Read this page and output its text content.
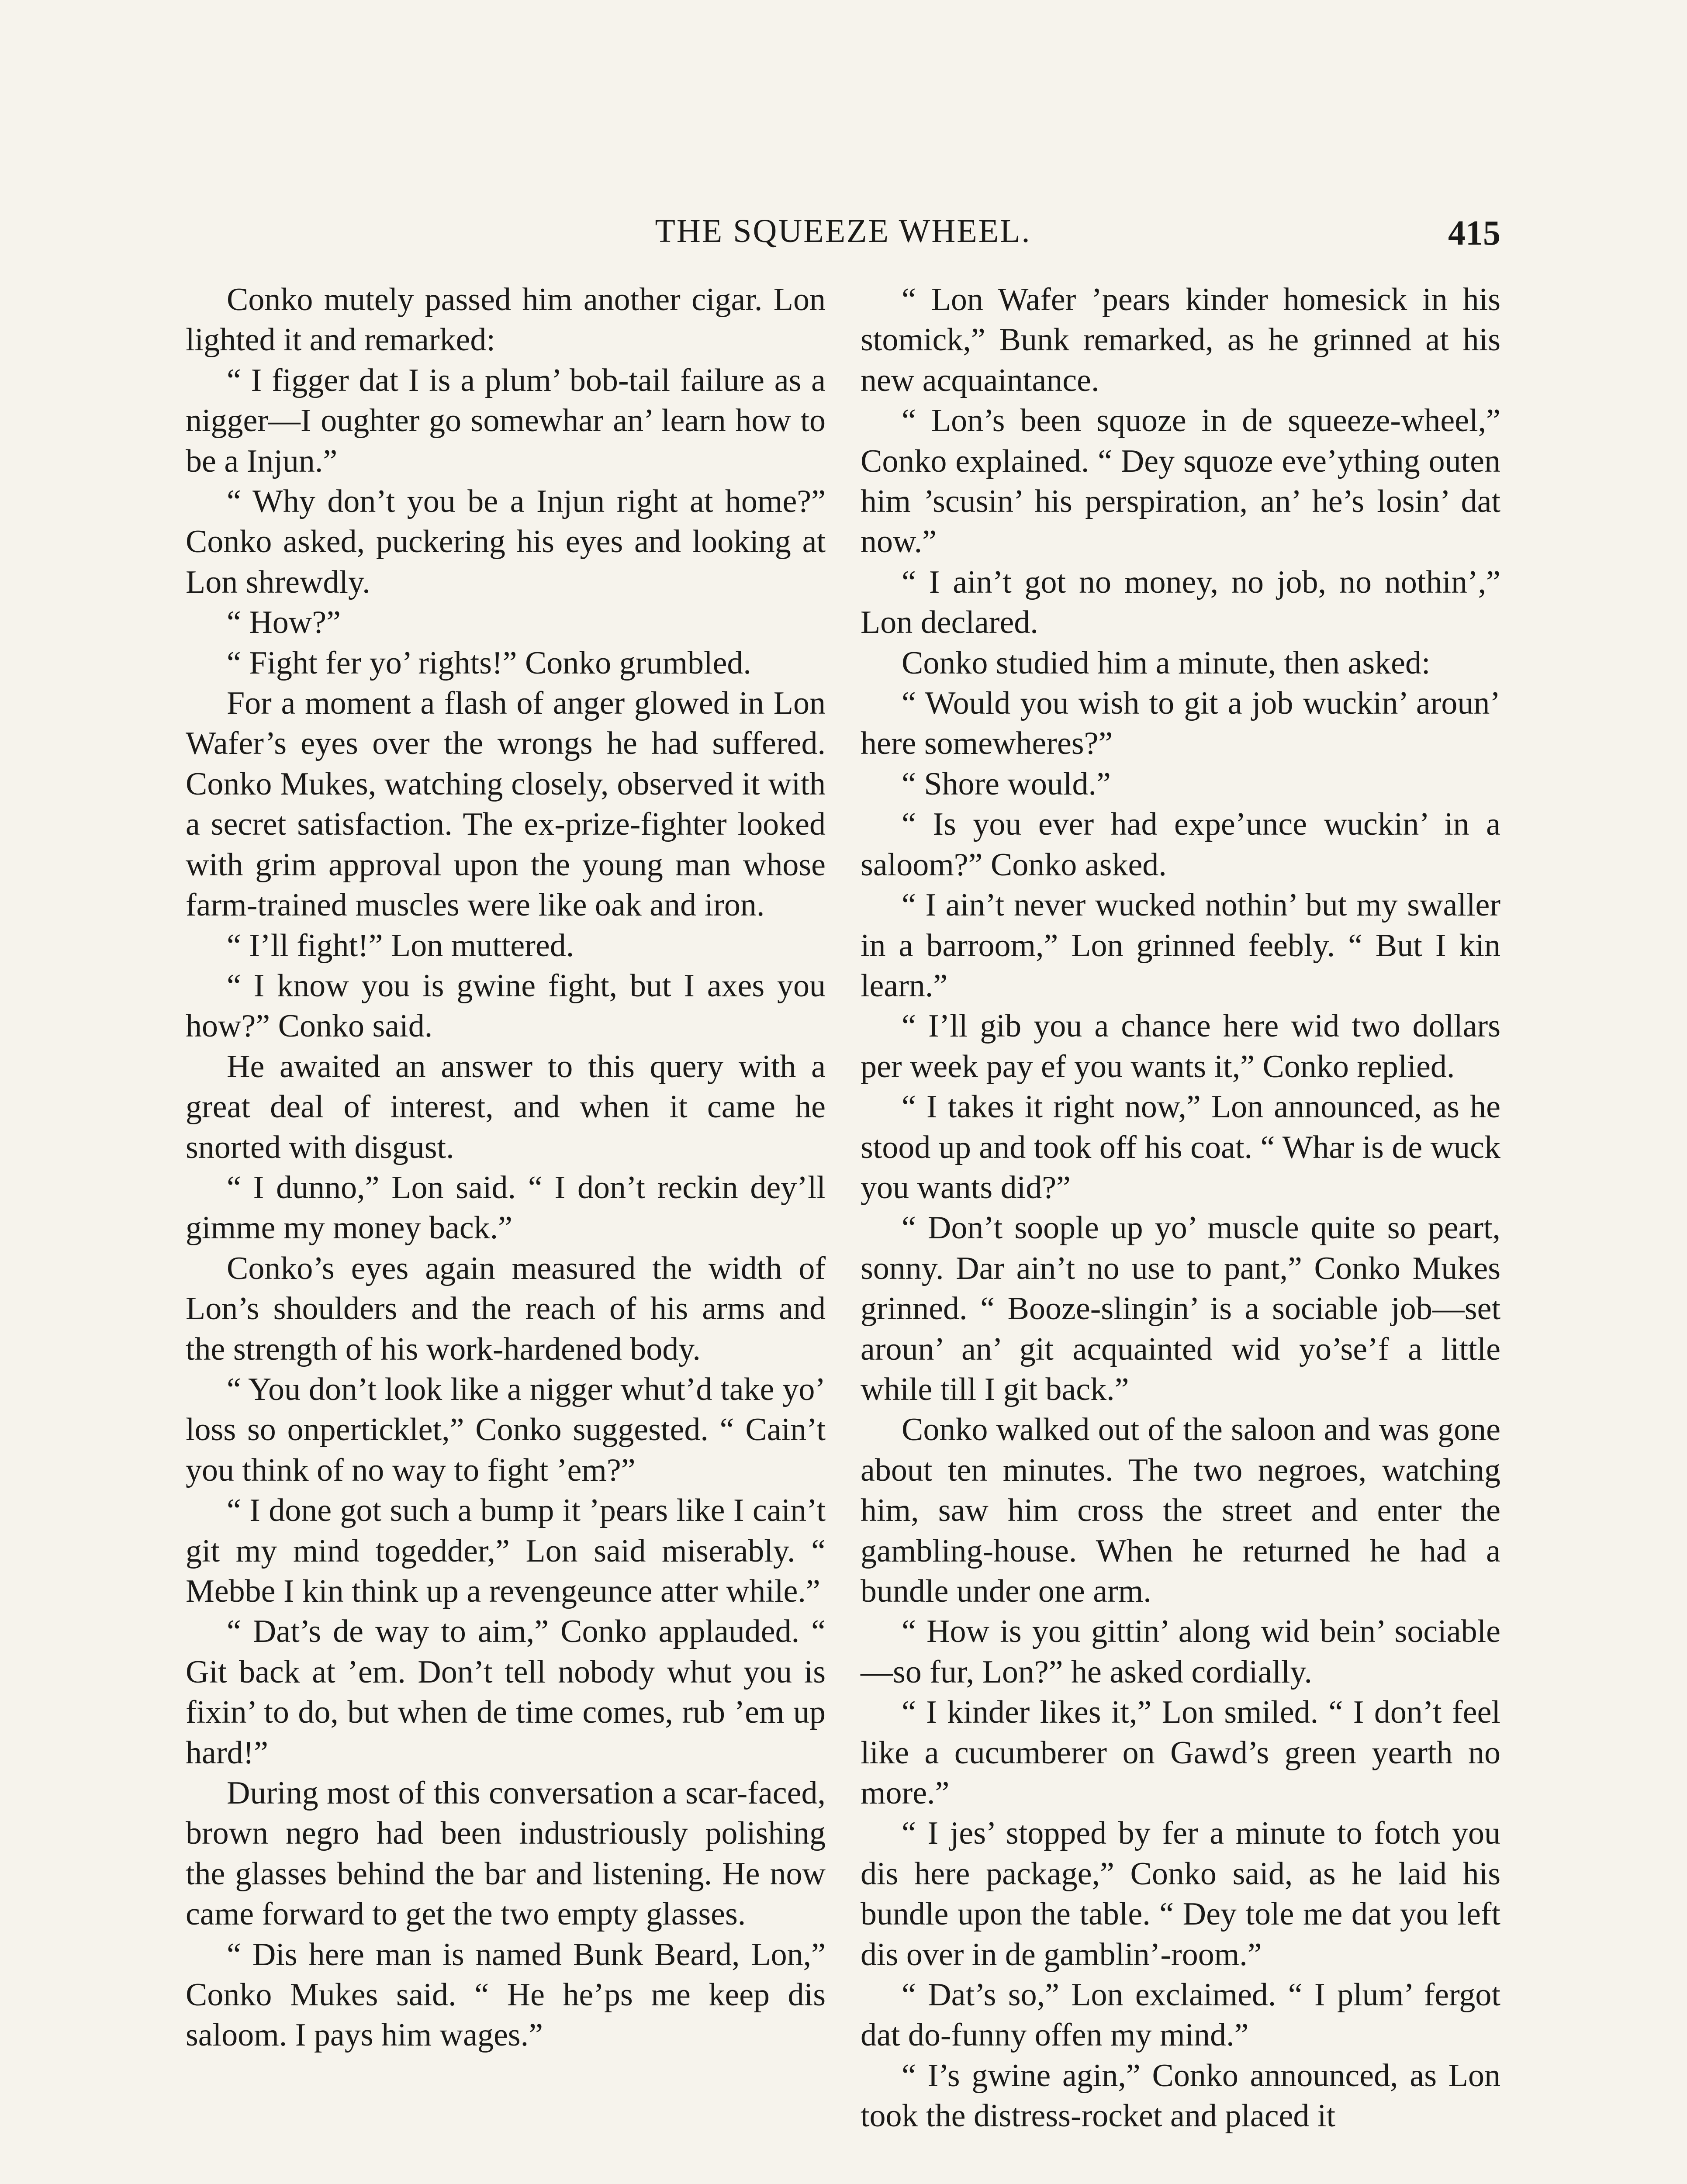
THE SQUEEZE WHEEL.	415

Conko mutely passed him another cigar. Lon lighted it and remarked:

“ I figger dat I is a plum’ bob-tail failure as a nigger—I oughter go somewhar an’ learn how to be a Injun.”

“ Why don’t you be a Injun right at home?” Conko asked, puckering his eyes and looking at Lon shrewdly.

“ How?”

“ Fight fer yo’ rights!” Conko grumbled.

For a moment a flash of anger glowed in Lon Wafer’s eyes over the wrongs he had suffered. Conko Mukes, watching closely, observed it with a secret satisfaction. The ex-prize-fighter looked with grim approval upon the young man whose farm-trained muscles were like oak and iron.

“ I’ll fight!” Lon muttered.

“ I know you is gwine fight, but I axes you how?” Conko said.

He awaited an answer to this query with a great deal of interest, and when it came he snorted with disgust.

“ I dunno,” Lon said. “ I don’t reckin dey’ll gimme my money back.”

Conko’s eyes again measured the width of Lon’s shoulders and the reach of his arms and the strength of his work-hardened body.

“ You don’t look like a nigger whut’d take yo’ loss so onperticklet,” Conko suggested. “ Cain’t you think of no way to fight ’em?”

“ I done got such a bump it ’pears like I cain’t git my mind togedder,” Lon said miserably. “ Mebbe I kin think up a revengeunce atter while.”

“ Dat’s de way to aim,” Conko applauded. “ Git back at ’em. Don’t tell nobody whut you is fixin’ to do, but when de time comes, rub ’em up hard!”

During most of this conversation a scar-faced, brown negro had been industriously polishing the glasses behind the bar and listening. He now came forward to get the two empty glasses.

“ Dis here man is named Bunk Beard, Lon,” Conko Mukes said. “ He he’ps me keep dis saloom. I pays him wages.”

“ Lon Wafer ’pears kinder homesick in his stomick,” Bunk remarked, as he grinned at his new acquaintance.

“ Lon’s been squoze in de squeeze-wheel,” Conko explained. “ Dey squoze eve’ything outen him ’scusin’ his perspiration, an’ he’s losin’ dat now.”

“ I ain’t got no money, no job, no nothin’,” Lon declared.

Conko studied him a minute, then asked:

“ Would you wish to git a job wuckin’ aroun’ here somewheres?”

“ Shore would.”

“ Is you ever had expe’unce wuckin’ in a saloom?” Conko asked.

“ I ain’t never wucked nothin’ but my swaller in a barroom,” Lon grinned feebly. “ But I kin learn.”

“ I’ll gib you a chance here wid two dollars per week pay ef you wants it,” Conko replied.

“ I takes it right now,” Lon announced, as he stood up and took off his coat. “ Whar is de wuck you wants did?”

“ Don’t soople up yo’ muscle quite so peart, sonny. Dar ain’t no use to pant,” Conko Mukes grinned. “ Booze-slingin’ is a sociable job—set aroun’ an’ git acquainted wid yo’se’f a little while till I git back.”

Conko walked out of the saloon and was gone about ten minutes. The two negroes, watching him, saw him cross the street and enter the gambling-house. When he returned he had a bundle under one arm.

“ How is you gittin’ along wid bein’ sociable—so fur, Lon?” he asked cordially.

“ I kinder likes it,” Lon smiled. “ I don’t feel like a cucumberer on Gawd’s green yearth no more.”

“ I jes’ stopped by fer a minute to fotch you dis here package,” Conko said, as he laid his bundle upon the table. “ Dey tole me dat you left dis over in de gamblin’-room.”

“ Dat’s so,” Lon exclaimed. “ I plum’ fergot dat do-funny offen my mind.”

“ I’s gwine agin,” Conko announced, as Lon took the distress-rocket and placed it
